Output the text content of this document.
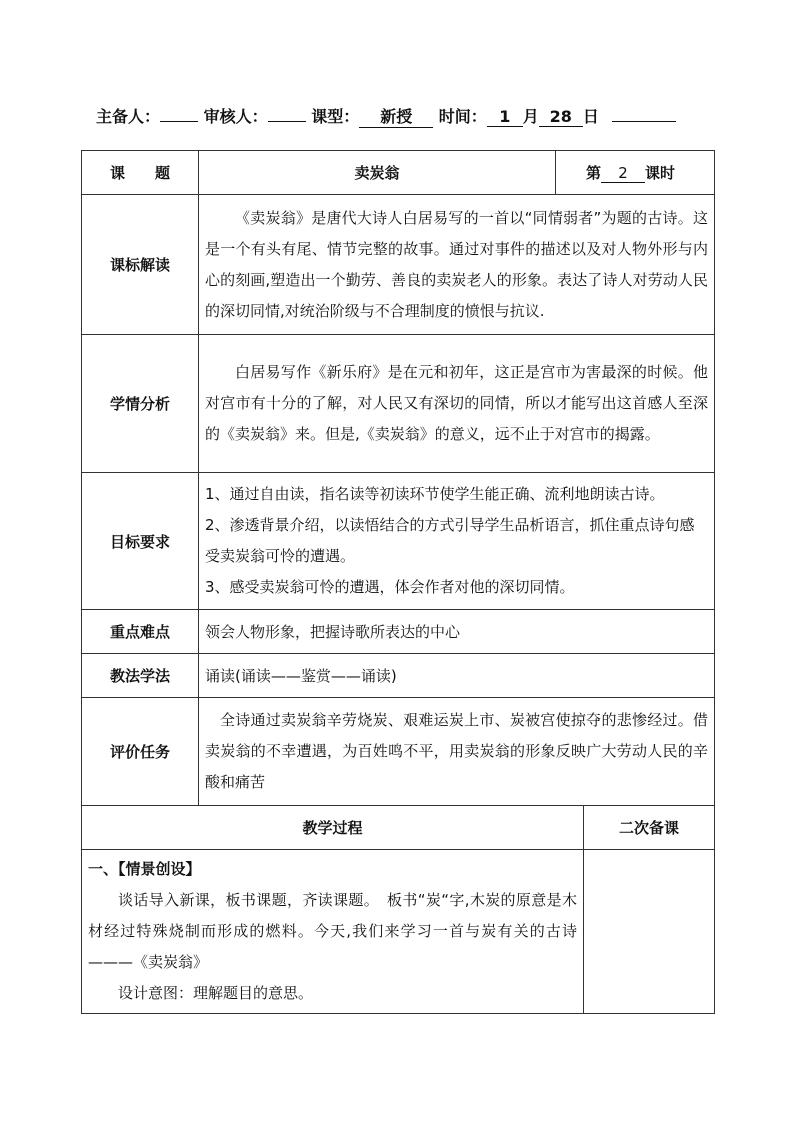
主备人：	审核人：	课型： 新授 时间： 1 月 28 日
课　　题	卖炭翁	第 2 课时	
课标解读	《卖炭翁》是唐代大诗人白居易写的一首以“同情弱者”为题的古诗。这是一个有头有尾、情节完整的故事。通过对事件的描述以及对人物外形与内心的刻画,塑造出一个勤劳、善良的卖炭老人的形象。表达了诗人对劳动人民的深切同情,对统治阶级与不合理制度的愤恨与抗议.		

学情分析	白居易写作《新乐府》是在元和初年，这正是宫市为害最深的时候。他对宫市有十分的了解，对人民又有深切的同情，所以才能写出这首感人至深的《卖炭翁》来。但是,《卖炭翁》的意义，远不止于对宫市的揭露。		

目标要求	1、通过自由读，指名读等初读环节使学生能正确、流利地朗读古诗。
2、渗透背景介绍，以读悟结合的方式引导学生品析语言，抓住重点诗句感受卖炭翁可怜的遭遇。
3、感受卖炭翁可怜的遭遇，体会作者对他的深切同情。		

重点难点	领会人物形象，把握诗歌所表达的中心		
教法学法	诵读(诵读——鉴赏——诵读)		
评价任务	全诗通过卖炭翁辛劳烧炭、艰难运炭上市、炭被宫使掠夺的悲惨经过。借卖炭翁的不幸遭遇，为百姓鸣不平，用卖炭翁的形象反映广大劳动人民的辛酸和痛苦		

教学过程			二次备课

一、【情景创设】

谈话导入新课，板书课题，齐读课题。　板书“炭“字,木炭的原意是木材经过特殊烧制而形成的燃料。今天,我们来学习一首与炭有关的古诗———《卖炭翁》

设计意图：理解题目的意思。			
